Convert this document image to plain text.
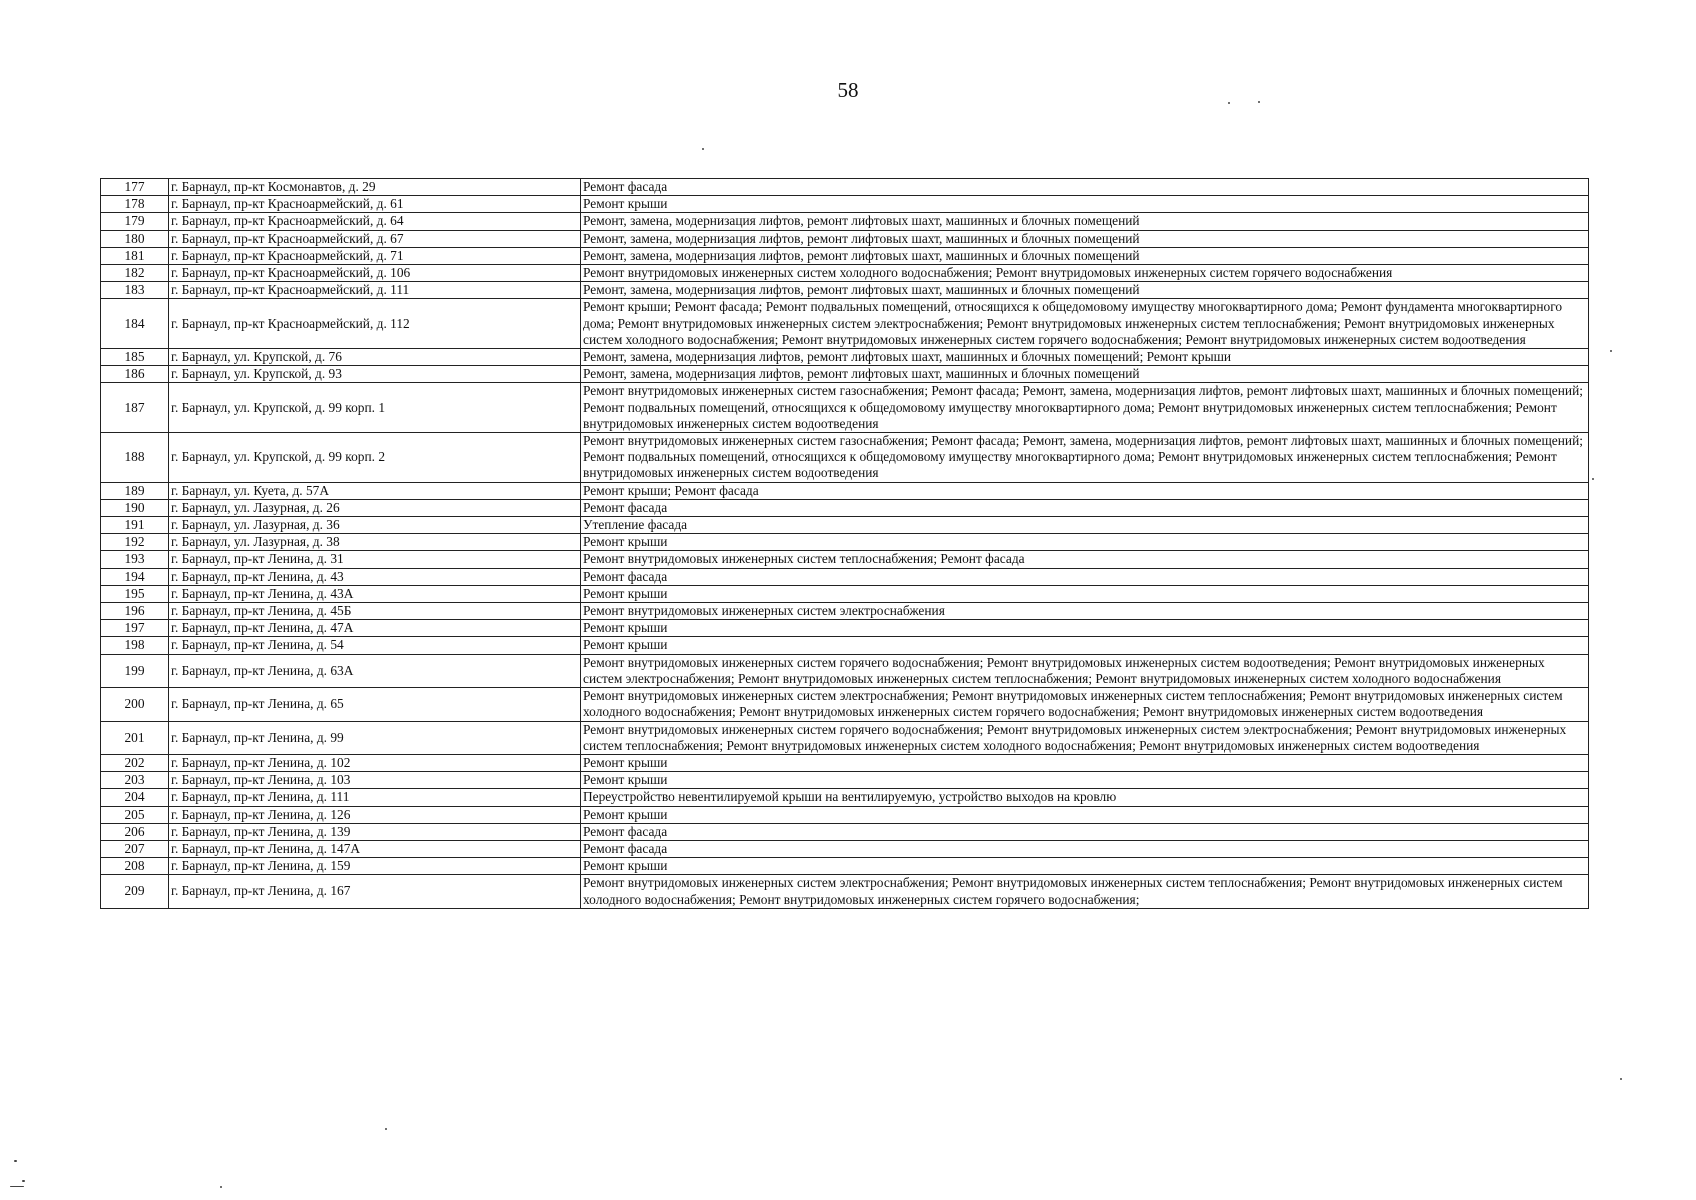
58
177	г. Барнаул, пр-кт Космонавтов, д. 29	Ремонт фасада
178	г. Барнаул, пр-кт Красноармейский, д. 61	Ремонт крыши
179	г. Барнаул, пр-кт Красноармейский, д. 64	Ремонт, замена, модернизация лифтов, ремонт лифтовых шахт, машинных и блочных помещений
180	г. Барнаул, пр-кт Красноармейский, д. 67	Ремонт, замена, модернизация лифтов, ремонт лифтовых шахт, машинных и блочных помещений
181	г. Барнаул, пр-кт Красноармейский, д. 71	Ремонт, замена, модернизация лифтов, ремонт лифтовых шахт, машинных и блочных помещений
182	г. Барнаул, пр-кт Красноармейский, д. 106	Ремонт внутридомовых инженерных систем холодного водоснабжения; Ремонт внутридомовых инженерных систем горячего водоснабжения
183	г. Барнаул, пр-кт Красноармейский, д. 111	Ремонт, замена, модернизация лифтов, ремонт лифтовых шахт, машинных и блочных помещений
184	г. Барнаул, пр-кт Красноармейский, д. 112	Ремонт крыши; Ремонт фасада; Ремонт подвальных помещений, относящихся к общедомовому имуществу многоквартирного дома; Ремонт фундамента многоквартирного дома; Ремонт внутридомовых инженерных систем электроснабжения; Ремонт внутридомовых инженерных систем теплоснабжения; Ремонт внутридомовых инженерных систем холодного водоснабжения; Ремонт внутридомовых инженерных систем горячего водоснабжения; Ремонт внутридомовых инженерных систем водоотведения
185	г. Барнаул, ул. Крупской, д. 76	Ремонт, замена, модернизация лифтов, ремонт лифтовых шахт, машинных и блочных помещений; Ремонт крыши
186	г. Барнаул, ул. Крупской, д. 93	Ремонт, замена, модернизация лифтов, ремонт лифтовых шахт, машинных и блочных помещений
187	г. Барнаул, ул. Крупской, д. 99 корп. 1	Ремонт внутридомовых инженерных систем газоснабжения; Ремонт фасада; Ремонт, замена, модернизация лифтов, ремонт лифтовых шахт, машинных и блочных помещений; Ремонт подвальных помещений, относящихся к общедомовому имуществу многоквартирного дома; Ремонт внутридомовых инженерных систем теплоснабжения; Ремонт внутридомовых инженерных систем водоотведения
188	г. Барнаул, ул. Крупской, д. 99 корп. 2	Ремонт внутридомовых инженерных систем газоснабжения; Ремонт фасада; Ремонт, замена, модернизация лифтов, ремонт лифтовых шахт, машинных и блочных помещений; Ремонт подвальных помещений, относящихся к общедомовому имуществу многоквартирного дома; Ремонт внутридомовых инженерных систем теплоснабжения; Ремонт внутридомовых инженерных систем водоотведения
189	г. Барнаул, ул. Куета, д. 57А	Ремонт крыши; Ремонт фасада
190	г. Барнаул, ул. Лазурная, д. 26	Ремонт фасада
191	г. Барнаул, ул. Лазурная, д. 36	Утепление фасада
192	г. Барнаул, ул. Лазурная, д. 38	Ремонт крыши
193	г. Барнаул, пр-кт Ленина, д. 31	Ремонт внутридомовых инженерных систем теплоснабжения; Ремонт фасада
194	г. Барнаул, пр-кт Ленина, д. 43	Ремонт фасада
195	г. Барнаул, пр-кт Ленина, д. 43А	Ремонт крыши
196	г. Барнаул, пр-кт Ленина, д. 45Б	Ремонт внутридомовых инженерных систем электроснабжения
197	г. Барнаул, пр-кт Ленина, д. 47А	Ремонт крыши
198	г. Барнаул, пр-кт Ленина, д. 54	Ремонт крыши
199	г. Барнаул, пр-кт Ленина, д. 63А	Ремонт внутридомовых инженерных систем горячего водоснабжения; Ремонт внутридомовых инженерных систем водоотведения; Ремонт внутридомовых инженерных систем электроснабжения; Ремонт внутридомовых инженерных систем теплоснабжения; Ремонт внутридомовых инженерных систем холодного водоснабжения
200	г. Барнаул, пр-кт Ленина, д. 65	Ремонт внутридомовых инженерных систем электроснабжения; Ремонт внутридомовых инженерных систем теплоснабжения; Ремонт внутридомовых инженерных систем холодного водоснабжения; Ремонт внутридомовых инженерных систем горячего водоснабжения; Ремонт внутридомовых инженерных систем водоотведения
201	г. Барнаул, пр-кт Ленина, д. 99	Ремонт внутридомовых инженерных систем горячего водоснабжения; Ремонт внутридомовых инженерных систем электроснабжения; Ремонт внутридомовых инженерных систем теплоснабжения; Ремонт внутридомовых инженерных систем холодного водоснабжения; Ремонт внутридомовых инженерных систем водоотведения
202	г. Барнаул, пр-кт Ленина, д. 102	Ремонт крыши
203	г. Барнаул, пр-кт Ленина, д. 103	Ремонт крыши
204	г. Барнаул, пр-кт Ленина, д. 111	Переустройство невентилируемой крыши на вентилируемую, устройство выходов на кровлю
205	г. Барнаул, пр-кт Ленина, д. 126	Ремонт крыши
206	г. Барнаул, пр-кт Ленина, д. 139	Ремонт фасада
207	г. Барнаул, пр-кт Ленина, д. 147А	Ремонт фасада
208	г. Барнаул, пр-кт Ленина, д. 159	Ремонт крыши
209	г. Барнаул, пр-кт Ленина, д. 167	Ремонт внутридомовых инженерных систем электроснабжения; Ремонт внутридомовых инженерных систем теплоснабжения; Ремонт внутридомовых инженерных систем холодного водоснабжения; Ремонт внутридомовых инженерных систем горячего водоснабжения;
